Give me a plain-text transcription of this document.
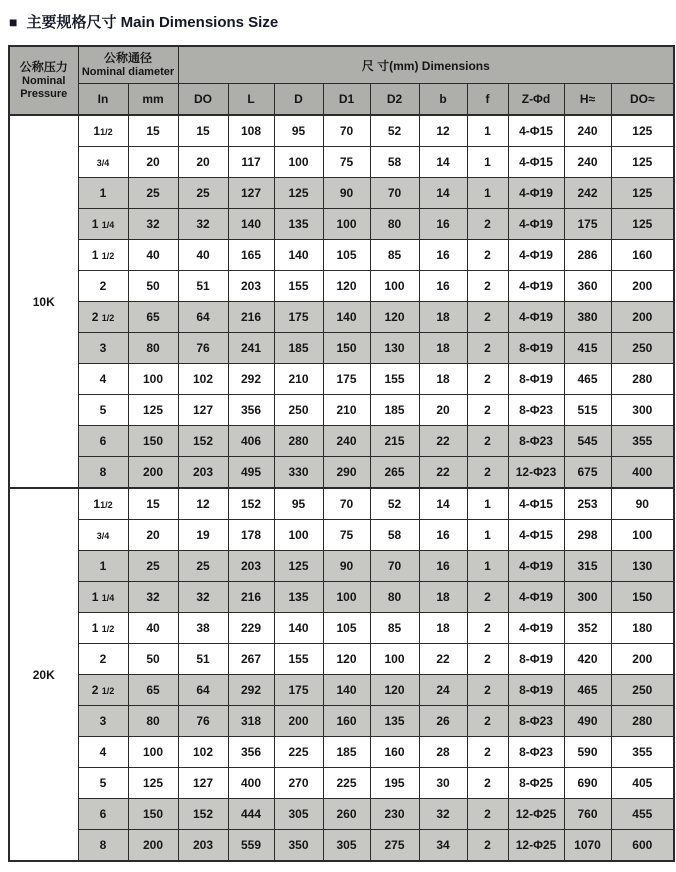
■ 主要规格尺寸 Main Dimensions Size
公称压力
Nominal
Pressure

公称通径
Nominal diameter	尺 寸(mm) Dimensions
	In	mm	DO	L	D	D1	D2	b	f	Z-Φd	H≈	DO≈
10K	11/2	15	15	108	95	70	52	12	1	4-Φ15	240	125
	3/4	20	20	117	100	75	58	14	1	4-Φ15	240	125
	1	25	25	127	125	90	70	14	1	4-Φ19	242	125
	1 1/4	32	32	140	135	100	80	16	2	4-Φ19	175	125
	1 1/2	40	40	165	140	105	85	16	2	4-Φ19	286	160
	2	50	51	203	155	120	100	16	2	4-Φ19	360	200
	2 1/2	65	64	216	175	140	120	18	2	4-Φ19	380	200
	3	80	76	241	185	150	130	18	2	8-Φ19	415	250
	4	100	102	292	210	175	155	18	2	8-Φ19	465	280
	5	125	127	356	250	210	185	20	2	8-Φ23	515	300
	6	150	152	406	280	240	215	22	2	8-Φ23	545	355
	8	200	203	495	330	290	265	22	2	12-Φ23	675	400
20K	11/2	15	12	152	95	70	52	14	1	4-Φ15	253	90
	3/4	20	19	178	100	75	58	16	1	4-Φ15	298	100
	1	25	25	203	125	90	70	16	1	4-Φ19	315	130
	1 1/4	32	32	216	135	100	80	18	2	4-Φ19	300	150
	1 1/2	40	38	229	140	105	85	18	2	4-Φ19	352	180
	2	50	51	267	155	120	100	22	2	8-Φ19	420	200
	2 1/2	65	64	292	175	140	120	24	2	8-Φ19	465	250
	3	80	76	318	200	160	135	26	2	8-Φ23	490	280
	4	100	102	356	225	185	160	28	2	8-Φ23	590	355
	5	125	127	400	270	225	195	30	2	8-Φ25	690	405
	6	150	152	444	305	260	230	32	2	12-Φ25	760	455
	8	200	203	559	350	305	275	34	2	12-Φ25	1070	600
